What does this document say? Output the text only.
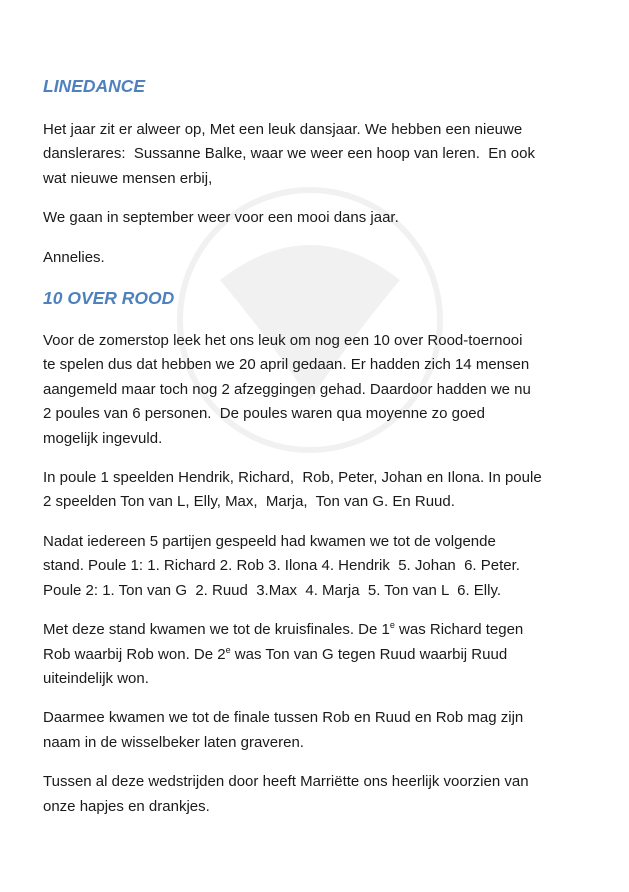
LINEDANCE

Het jaar zit er alweer op, Met een leuk dansjaar. We hebben een nieuwe
danslerares:  Sussanne Balke, waar we weer een hoop van leren.  En ook
wat nieuwe mensen erbij,

We gaan in september weer voor een mooi dans jaar.

Annelies.

10 OVER ROOD

Voor de zomerstop leek het ons leuk om nog een 10 over Rood-toernooi
te spelen dus dat hebben we 20 april gedaan. Er hadden zich 14 mensen
aangemeld maar toch nog 2 afzeggingen gehad. Daardoor hadden we nu
2 poules van 6 personen.  De poules waren qua moyenne zo goed
mogelijk ingevuld.

In poule 1 speelden Hendrik, Richard,  Rob, Peter, Johan en Ilona. In poule
2 speelden Ton van L, Elly, Max,  Marja,  Ton van G. En Ruud.

Nadat iedereen 5 partijen gespeeld had kwamen we tot de volgende
stand. Poule 1: 1. Richard 2. Rob 3. Ilona 4. Hendrik  5. Johan  6. Peter.
Poule 2: 1. Ton van G  2. Ruud  3.Max  4. Marja  5. Ton van L  6. Elly.

Met deze stand kwamen we tot de kruisfinales. De 1e was Richard tegen
Rob waarbij Rob won. De 2e was Ton van G tegen Ruud waarbij Ruud
uiteindelijk won.

Daarmee kwamen we tot de finale tussen Rob en Ruud en Rob mag zijn
naam in de wisselbeker laten graveren.

Tussen al deze wedstrijden door heeft Marriëtte ons heerlijk voorzien van
onze hapjes en drankjes.
